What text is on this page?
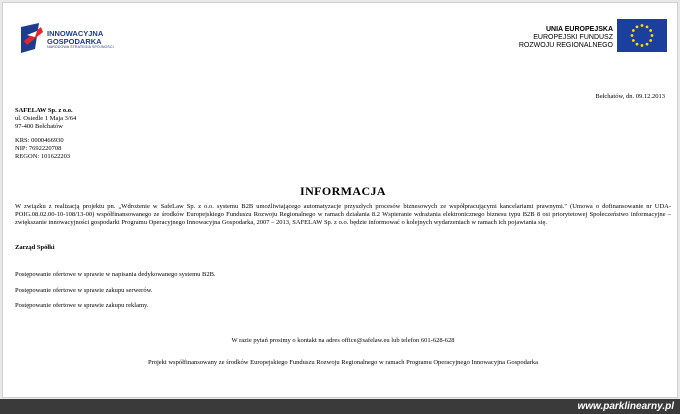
INNOWACYJNA
GOSPODARKA
NARODOWA STRATEGIA SPÓJNOŚCI
UNIA EUROPEJSKA
EUROPEJSKI FUNDUSZ
ROZWOJU REGIONALNEGO
Bełchatów, dn. 09.12.2013
SAFELAW Sp. z o.o.
ul. Osiedle 1 Maja 3/64
97-400 Bełchatów
KRS: 0000466930
NIP: 7692220708
REGON: 101622203
INFORMACJA
W związku z realizacją projektu pn. „Wdrożenie w SafeLaw Sp. z o.o. systemu B2B umożliwiającego automatyzacje przyszłych procesów biznesowych ze współpracującymi kancelariami prawnymi." (Umowa o dofinansowanie nr UDA-POIG.08.02.00-10-108/13-00) współfinansowanego ze środków Europejskiego Funduszu Rozwoju Regionalnego w ramach działania 8.2 Wspieranie wdrażania elektronicznego biznesu typu B2B 8 osi priorytetowej Społeczeństwo informacyjne – zwiększanie innowacyjności gospodarki Programu Operacyjnego Innowacyjna Gospodarka, 2007 – 2013, SAFELAW Sp. z o.o. będzie informować o kolejnych wydarzeniach w ramach ich pojawiania się.
Zarząd Spółki
Postępowanie ofertowe w sprawie w napisania dedykowanego systemu B2B.
Postępowanie ofertowe w sprawie zakupu serwerów.
Postępowanie ofertowe w sprawie zakupu reklamy.
W razie pytań prosimy o kontakt na adres office@safelaw.eu lub telefon 601-628-628
Projekt współfinansowany ze środków Europejskiego Funduszu Rozwoju Regionalnego w ramach Programu Operacyjnego Innowacyjna Gospodarka
www.parklinearny.pl
